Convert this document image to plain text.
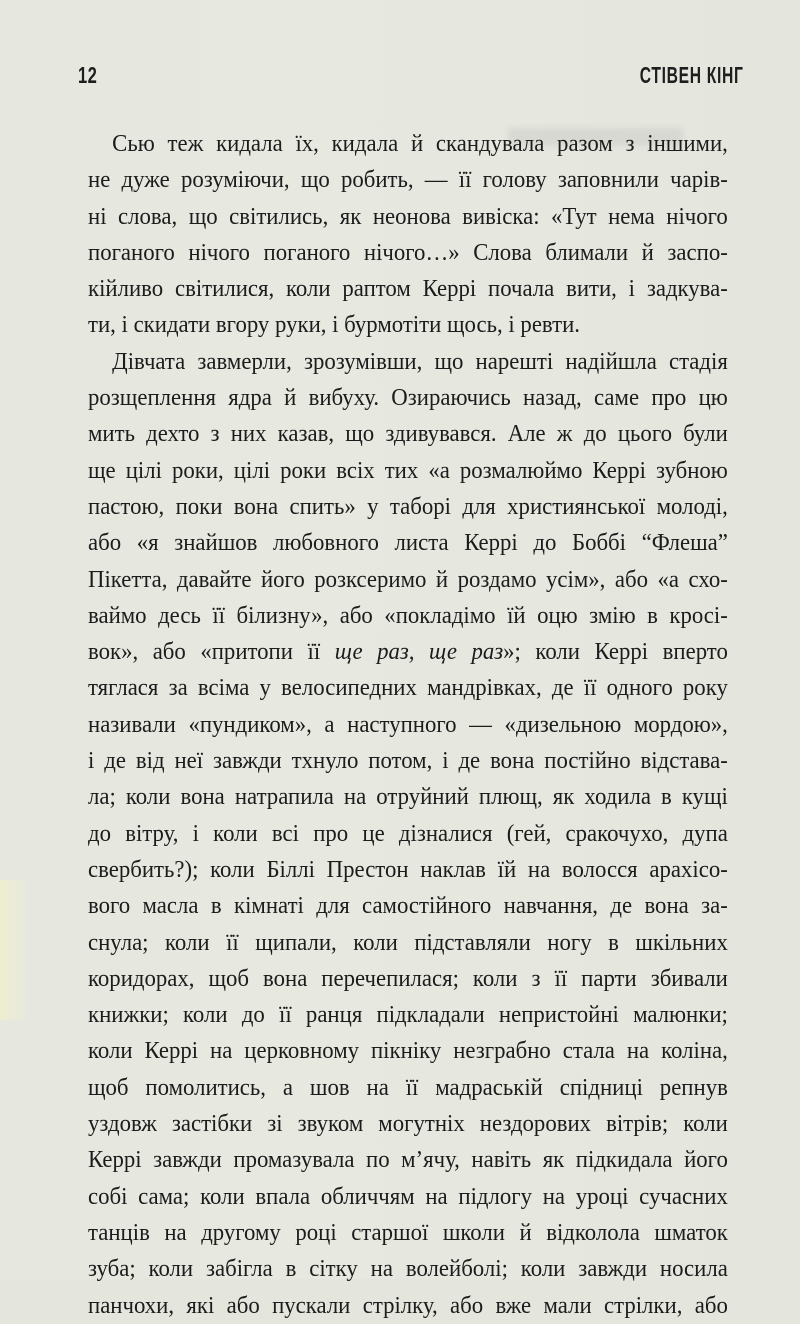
12	СТІВЕН КІНГ
Сью теж кидала їх, кидала й скандувала разом з іншими,
не дуже розуміючи, що робить, — її голову заповнили чарів-
ні слова, що світились, як неонова вивіска: «Тут нема нічого
поганого нічого поганого нічого…» Слова блимали й заспо-
кійливо світилися, коли раптом Керрі почала вити, і задкува-
ти, і скидати вгору руки, і бурмотіти щось, і ревти.
Дівчата завмерли, зрозумівши, що нарешті надійшла стадія
розщеплення ядра й вибуху. Озираючись назад, саме про цю
мить дехто з них казав, що здивувався. Але ж до цього були
ще цілі роки, цілі роки всіх тих «а розмалюймо Керрі зубною
пастою, поки вона спить» у таборі для християнської молоді,
або «я знайшов любовного листа Керрі до Боббі “Флеша”
Пікетта, давайте його розксеримо й роздамо усім», або «а схо-
ваймо десь її білизну», або «покладімо їй оцю змію в кросі-
вок», або «притопи її ще раз, ще раз»; коли Керрі вперто
тяглася за всіма у велосипедних мандрівках, де її одного року
називали «пундиком», а наступного — «дизельною мордою»,
і де від неї завжди тхнуло потом, і де вона постійно відстава-
ла; коли вона натрапила на отруйний плющ, як ходила в кущі
до вітру, і коли всі про це дізналися (гей, сракочухо, дупа
свербить?); коли Біллі Престон наклав їй на волосся арахісо-
вого масла в кімнаті для самостійного навчання, де вона за-
снула; коли її щипали, коли підставляли ногу в шкільних
коридорах, щоб вона перечепилася; коли з її парти збивали
книжки; коли до її ранця підкладали непристойні малюнки;
коли Керрі на церковному пікніку незграбно стала на коліна,
щоб помолитись, а шов на її мадраській спідниці репнув
уздовж застібки зі звуком могутніх нездорових вітрів; коли
Керрі завжди промазувала по м’ячу, навіть як підкидала його
собі сама; коли впала обличчям на підлогу на уроці сучасних
танців на другому році старшої школи й відколола шматок
зуба; коли забігла в сітку на волейболі; коли завжди носила
панчохи, які або пускали стрілку, або вже мали стрілки, або
